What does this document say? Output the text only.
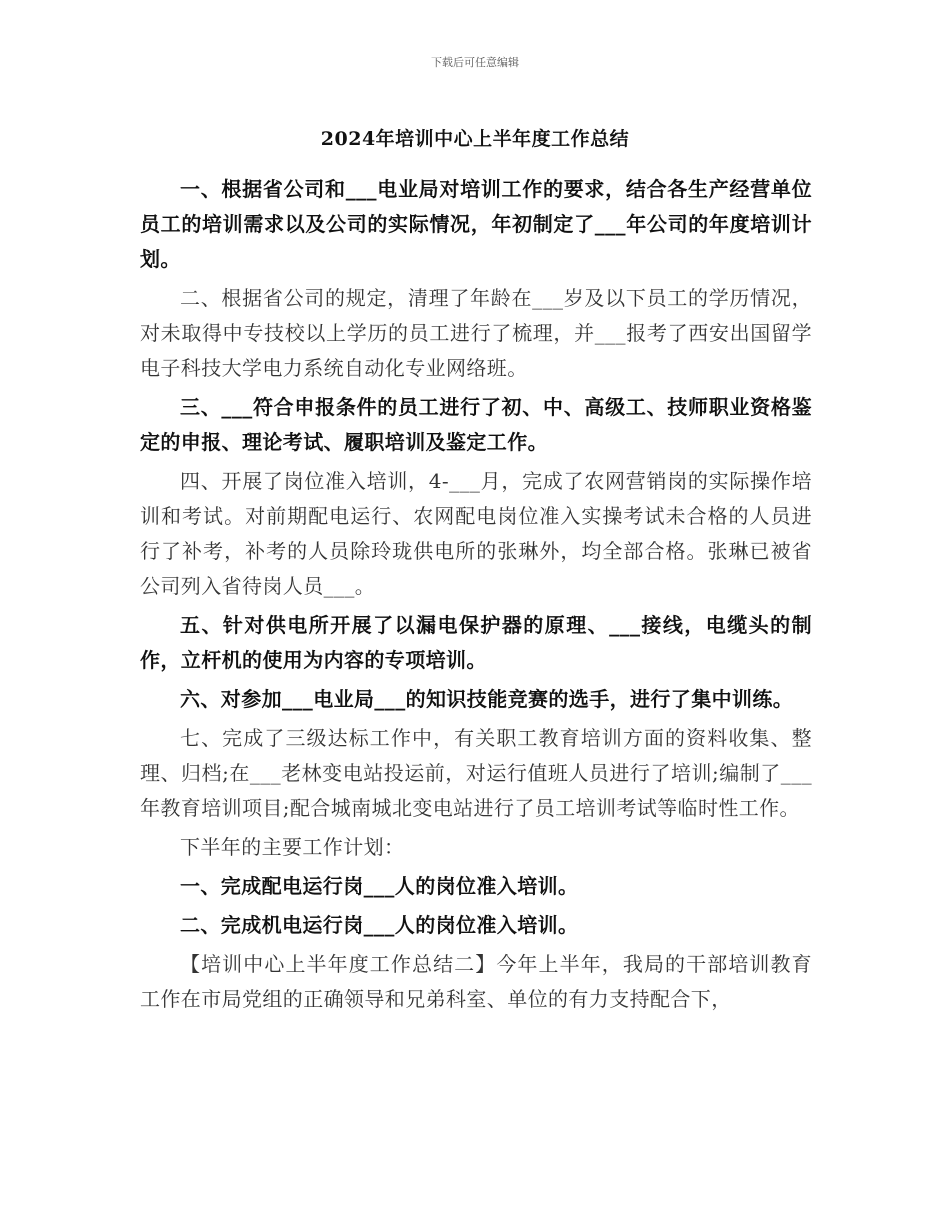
下载后可任意编辑
2024年培训中心上半年度工作总结

一、根据省公司和___电业局对培训工作的要求，结合各生产经营单位员工的培训需求以及公司的实际情况，年初制定了___年公司的年度培训计划。

二、根据省公司的规定，清理了年龄在___岁及以下员工的学历情况，对未取得中专技校以上学历的员工进行了梳理，并___报考了西安出国留学电子科技大学电力系统自动化专业网络班。

三、___符合申报条件的员工进行了初、中、高级工、技师职业资格鉴定的申报、理论考试、履职培训及鉴定工作。

四、开展了岗位准入培训，4-___月，完成了农网营销岗的实际操作培训和考试。对前期配电运行、农网配电岗位准入实操考试未合格的人员进行了补考，补考的人员除玲珑供电所的张琳外，均全部合格。张琳已被省公司列入省待岗人员___。

五、针对供电所开展了以漏电保护器的原理、___接线，电缆头的制作，立杆机的使用为内容的专项培训。

六、对参加___电业局___的知识技能竞赛的选手，进行了集中训练。

七、完成了三级达标工作中，有关职工教育培训方面的资料收集、整理、归档;在___老林变电站投运前，对运行值班人员进行了培训;编制了___年教育培训项目;配合城南城北变电站进行了员工培训考试等临时性工作。

下半年的主要工作计划：

一、完成配电运行岗___人的岗位准入培训。

二、完成机电运行岗___人的岗位准入培训。

【培训中心上半年度工作总结二】今年上半年，我局的干部培训教育工作在市局党组的正确领导和兄弟科室、单位的有力支持配合下，
